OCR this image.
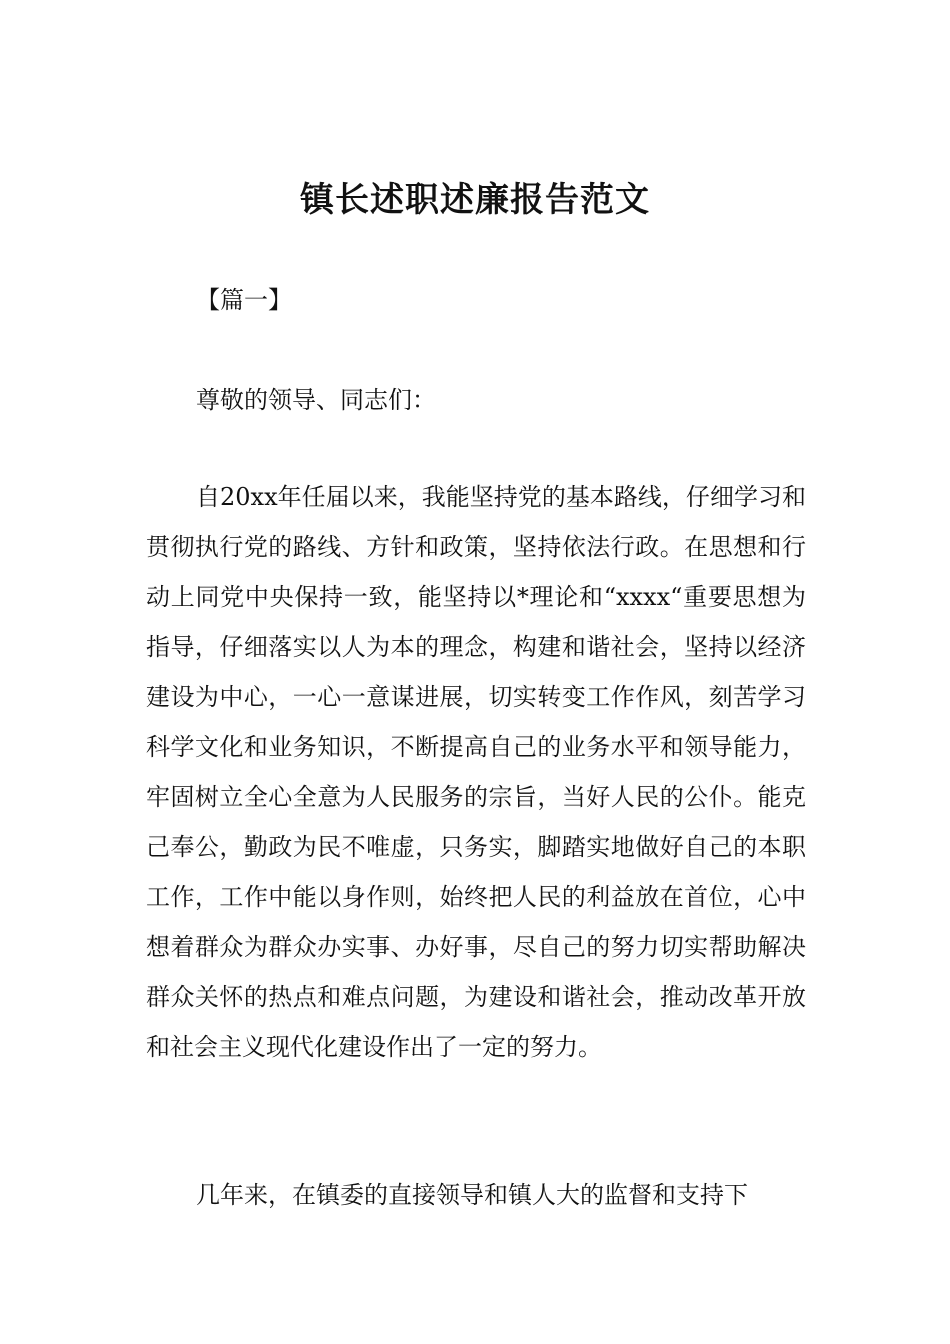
镇长述职述廉报告范文

【篇一】

尊敬的领导、同志们：

自20xx年任届以来，我能坚持党的基本路线，仔细学习和贯彻执行党的路线、方针和政策，坚持依法行政。在思想和行动上同党中央保持一致，能坚持以*理论和“xxxx“重要思想为指导，仔细落实以人为本的理念，构建和谐社会，坚持以经济建设为中心，一心一意谋进展，切实转变工作作风，刻苦学习科学文化和业务知识，不断提高自己的业务水平和领导能力，牢固树立全心全意为人民服务的宗旨，当好人民的公仆。能克己奉公，勤政为民不唯虚，只务实，脚踏实地做好自己的本职工作，工作中能以身作则，始终把人民的利益放在首位，心中想着群众为群众办实事、办好事，尽自己的努力切实帮助解决群众关怀的热点和难点问题，为建设和谐社会，推动改革开放和社会主义现代化建设作出了一定的努力。

几年来，在镇委的直接领导和镇人大的监督和支持下
